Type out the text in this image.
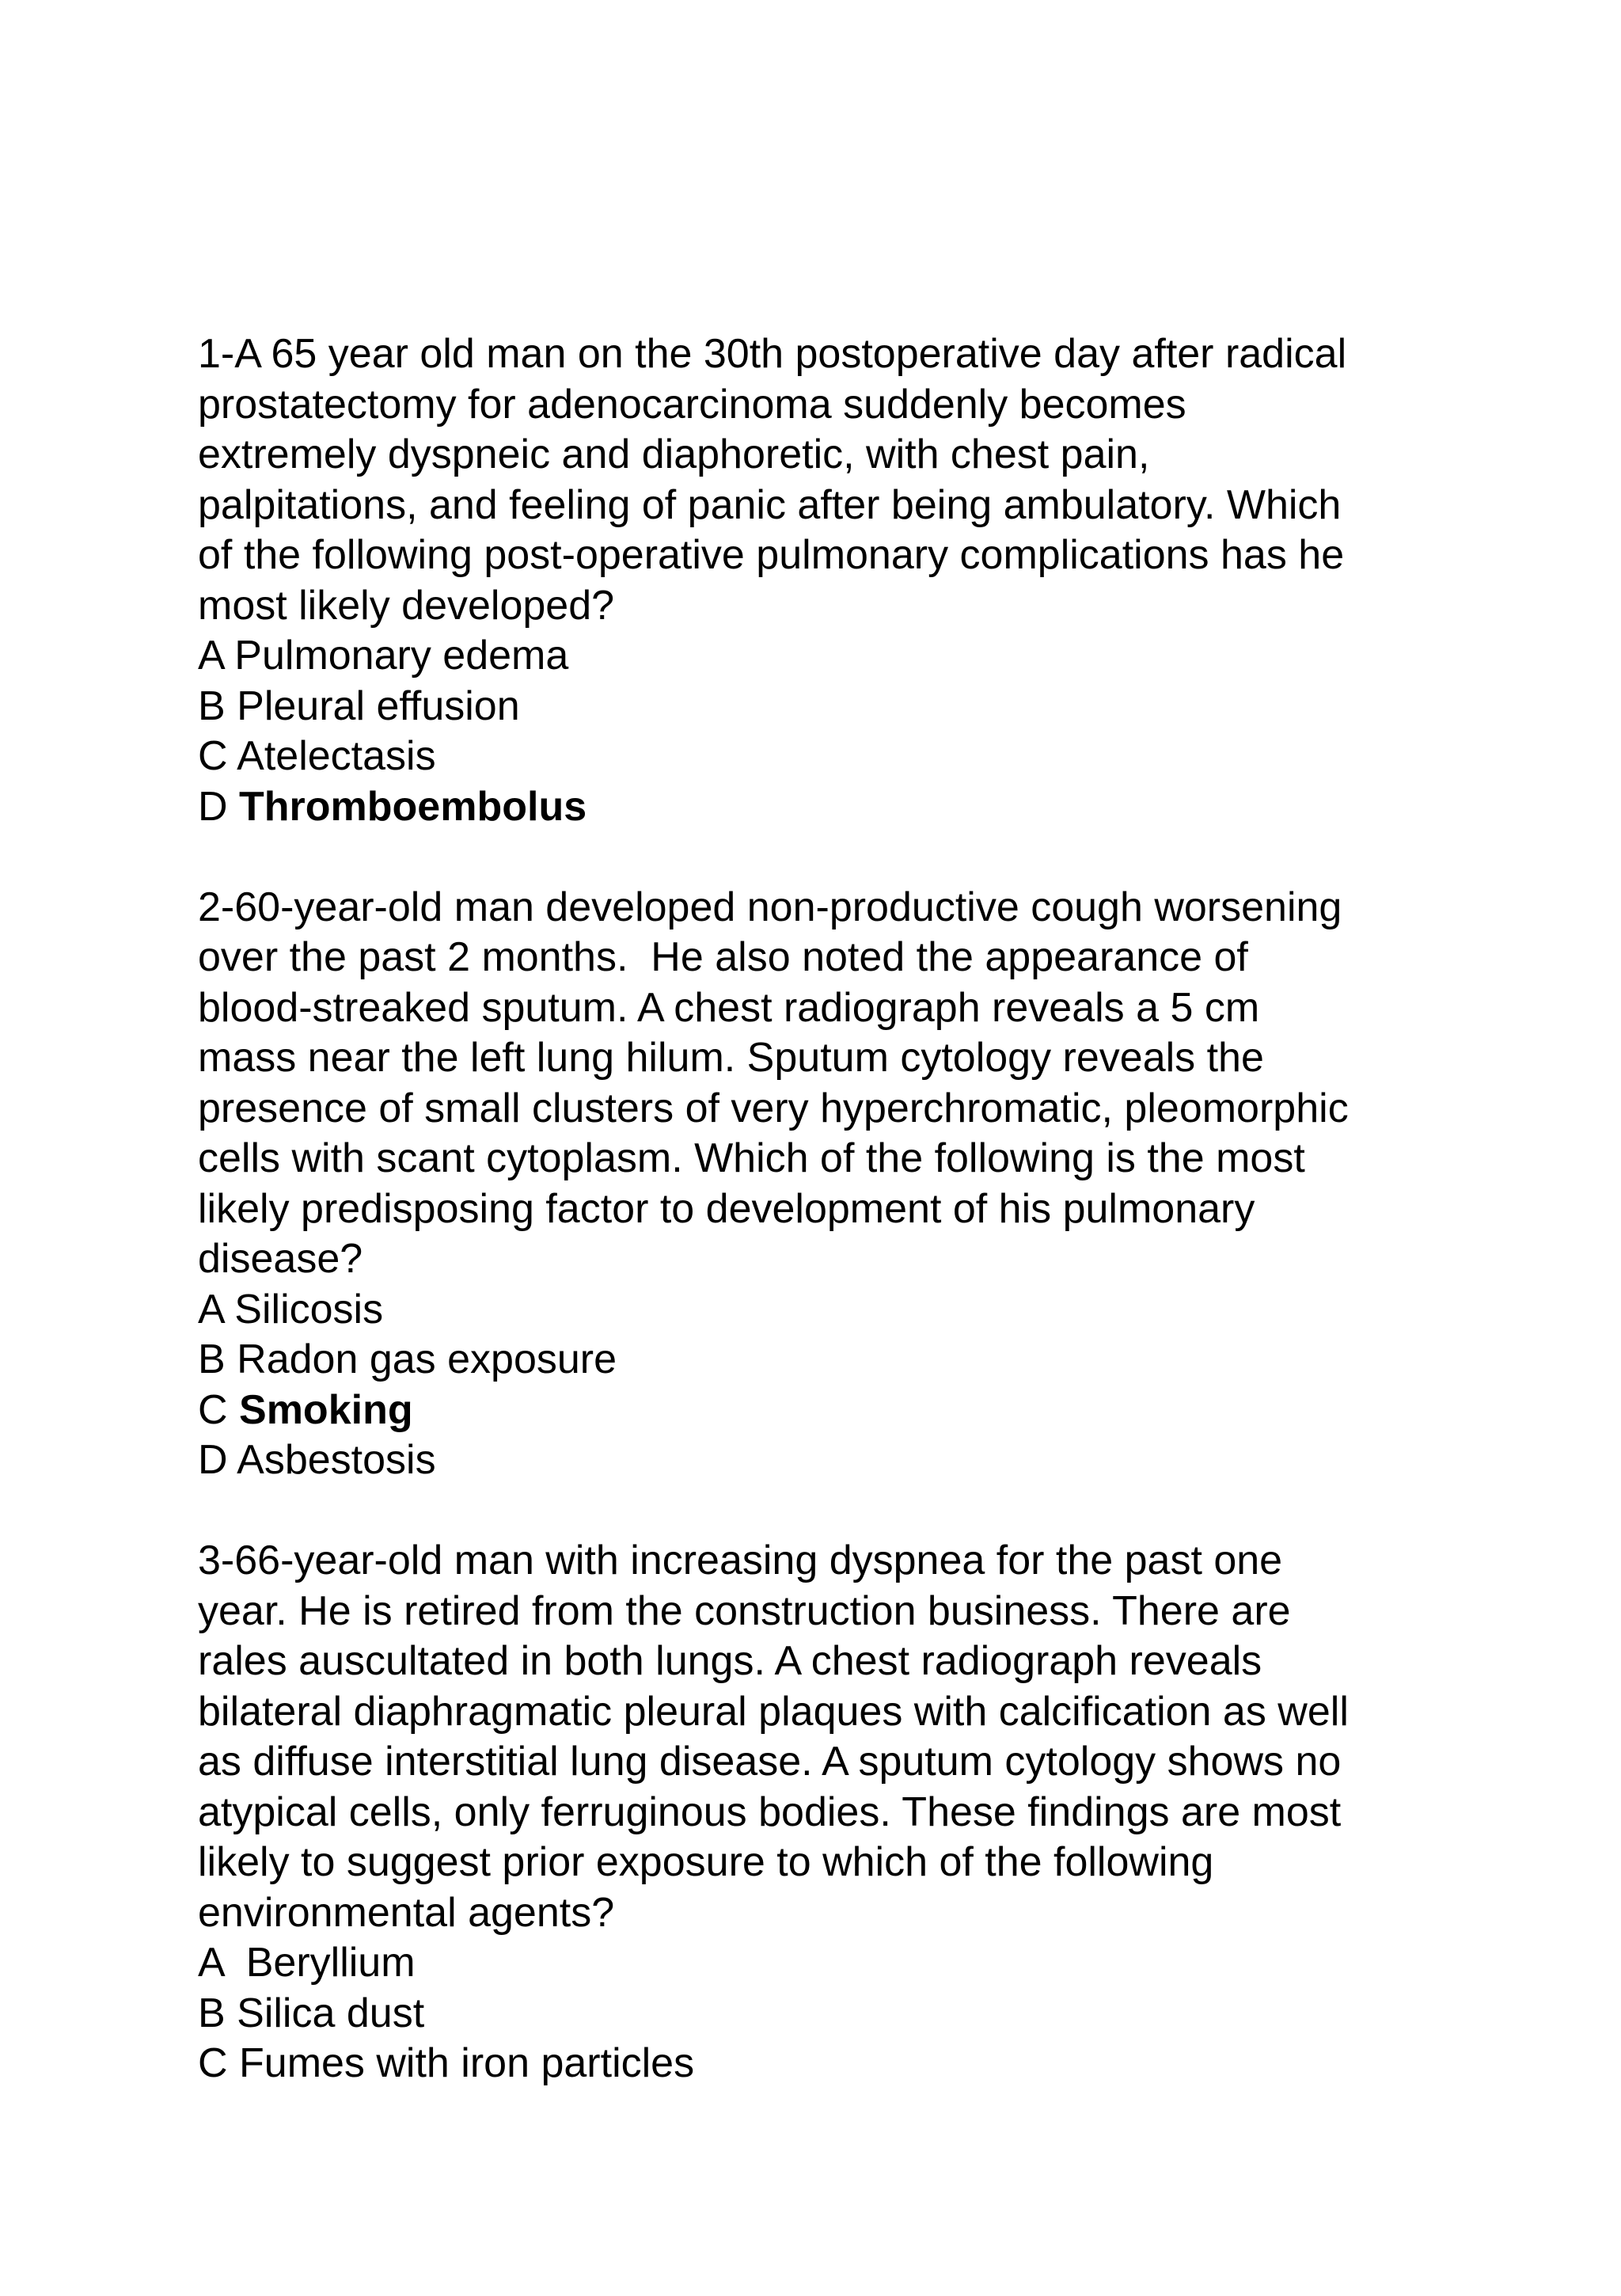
1-A 65 year old man on the 30th postoperative day after radical
prostatectomy for adenocarcinoma suddenly becomes
extremely dyspneic and diaphoretic, with chest pain,
palpitations, and feeling of panic after being ambulatory. Which
of the following post-operative pulmonary complications has he
most likely developed?
A Pulmonary edema
B Pleural effusion
C Atelectasis
D Thromboembolus
2-60-year-old man developed non-productive cough worsening
over the past 2 months.  He also noted the appearance of
blood-streaked sputum. A chest radiograph reveals a 5 cm
mass near the left lung hilum. Sputum cytology reveals the
presence of small clusters of very hyperchromatic, pleomorphic
cells with scant cytoplasm. Which of the following is the most
likely predisposing factor to development of his pulmonary
disease?
A Silicosis
B Radon gas exposure
C Smoking
D Asbestosis
3-66-year-old man with increasing dyspnea for the past one
year. He is retired from the construction business. There are
rales auscultated in both lungs. A chest radiograph reveals
bilateral diaphragmatic pleural plaques with calcification as well
as diffuse interstitial lung disease. A sputum cytology shows no
atypical cells, only ferruginous bodies. These findings are most
likely to suggest prior exposure to which of the following
environmental agents?
A  Beryllium
B Silica dust
C Fumes with iron particles
